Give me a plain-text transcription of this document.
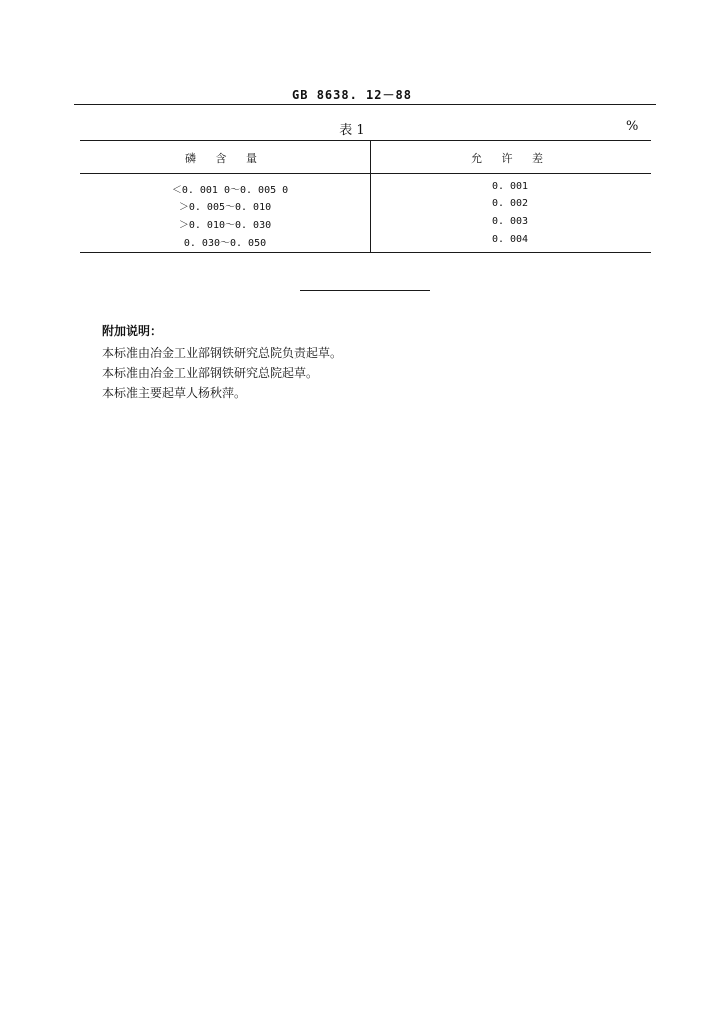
GB 8638. 12－88
表 1	%
磷 含 量	允 许 差
＜0. 001 0～0. 005 0	0. 001
＞0. 005～0. 010	0. 002
＞0. 010～0. 030	0. 003
0. 030～0. 050	0. 004
附加说明：
本标准由冶金工业部钢铁研究总院负责起草。
本标准由冶金工业部钢铁研究总院起草。
本标准主要起草人杨秋萍。
